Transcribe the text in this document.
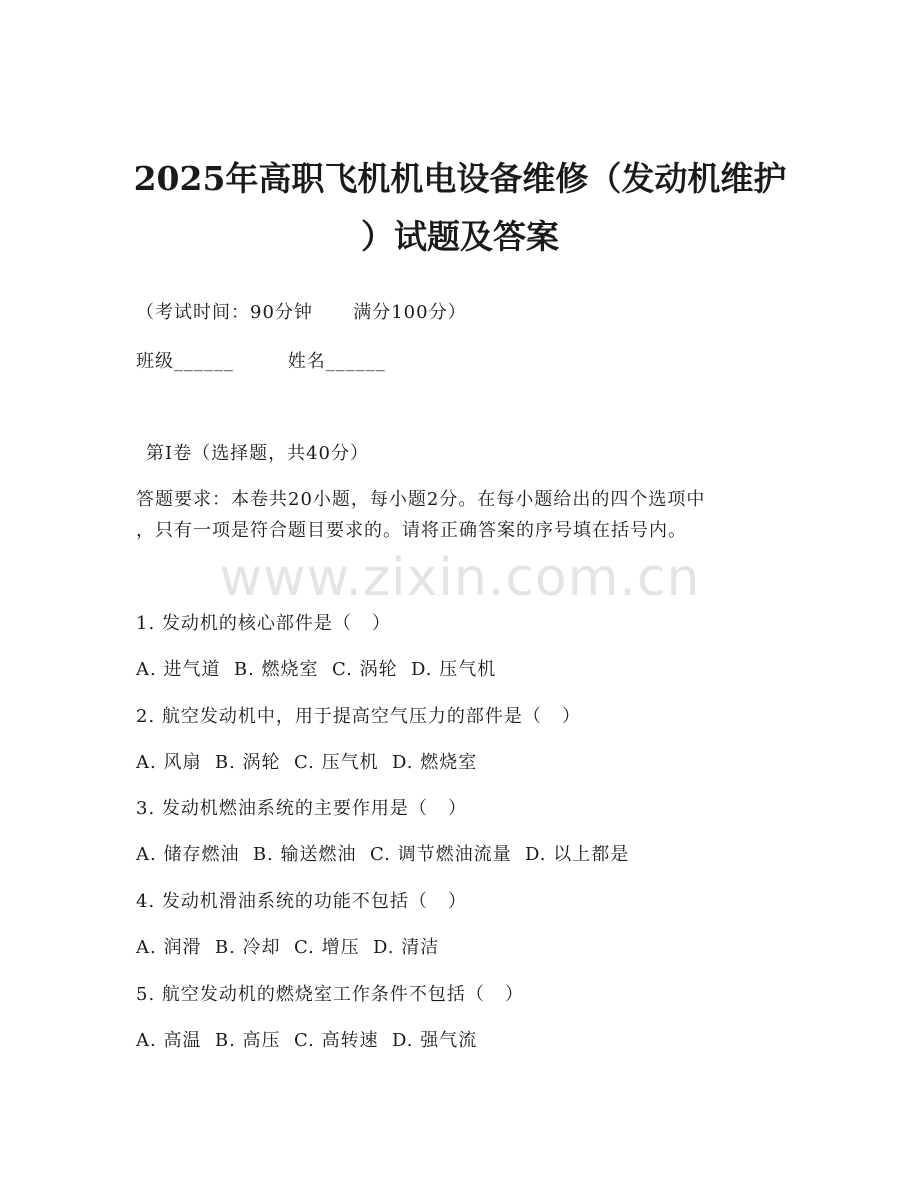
2025年高职飞机机电设备维修（发动机维护
）试题及答案
（考试时间：90分钟      满分100分）
班级______        姓名______
第I卷（选择题，共40分）
答题要求：本卷共20小题，每小题2分。在每小题给出的四个选项中
，只有一项是符合题目要求的。请将正确答案的序号填在括号内。
www.zixin.com.cn
1. 发动机的核心部件是（   ）
A. 进气道  B. 燃烧室  C. 涡轮  D. 压气机
2. 航空发动机中，用于提高空气压力的部件是（   ）
A. 风扇  B. 涡轮  C. 压气机  D. 燃烧室
3. 发动机燃油系统的主要作用是（   ）
A. 储存燃油  B. 输送燃油  C. 调节燃油流量  D. 以上都是
4. 发动机滑油系统的功能不包括（   ）
A. 润滑  B. 冷却  C. 增压  D. 清洁
5. 航空发动机的燃烧室工作条件不包括（   ）
A. 高温  B. 高压  C. 高转速  D. 强气流
